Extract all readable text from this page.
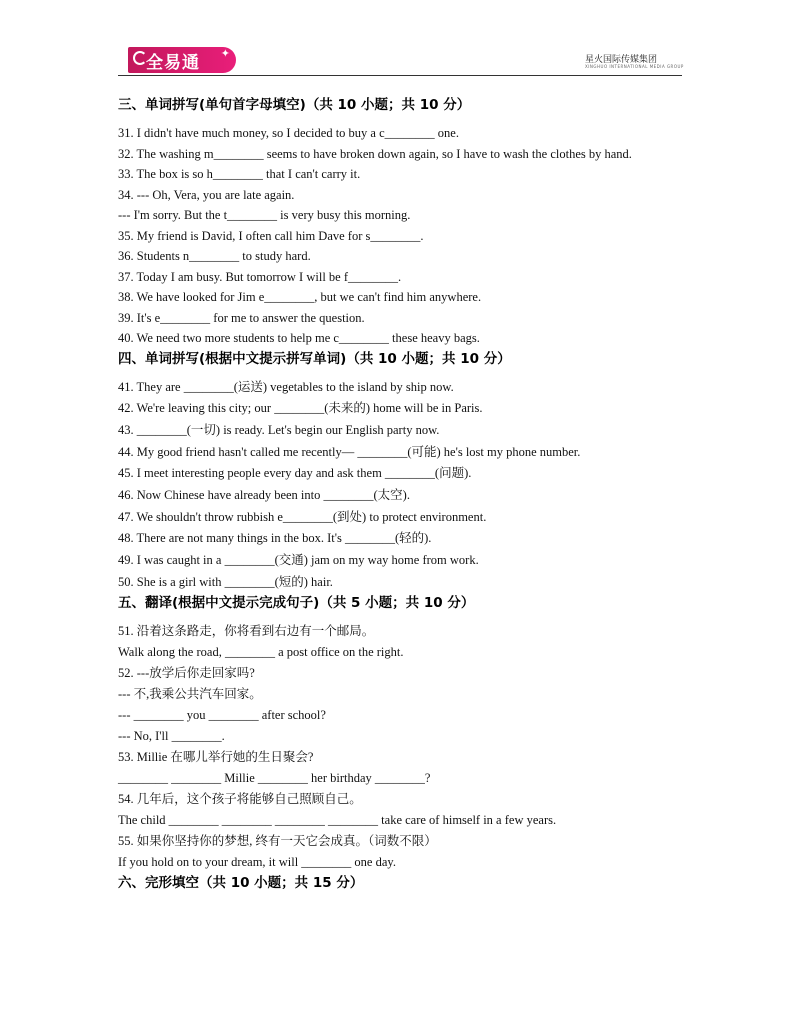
全易通 ✦	星火国际传媒集团
XINGHUO INTERNATIONAL MEDIA GROUP
三、单词拼写(单句首字母填空)（共 10 小题；共 10 分）
31. I didn't have much money, so I decided to buy a c________ one.
32. The washing m________ seems to have broken down again, so I have to wash the clothes by hand.
33. The box is so h________ that I can't carry it.
34. --- Oh, Vera, you are late again.
--- I'm sorry. But the t________ is very busy this morning.
35. My friend is David, I often call him Dave for s________.
36. Students n________ to study hard.
37. Today I am busy. But tomorrow I will be f________.
38. We have looked for Jim e________, but we can't find him anywhere.
39. It's e________ for me to answer the question.
40. We need two more students to help me c________ these heavy bags.
四、单词拼写(根据中文提示拼写单词)（共 10 小题；共 10 分）
41. They are ________(运送) vegetables to the island by ship now.
42. We're leaving this city; our ________(未来的) home will be in Paris.
43. ________(一切) is ready. Let's begin our English party now.
44. My good friend hasn't called me recently— ________(可能) he's lost my phone number.
45. I meet interesting people every day and ask them ________(问题).
46. Now Chinese have already been into ________(太空).
47. We shouldn't throw rubbish e________(到处) to protect environment.
48. There are not many things in the box. It's ________(轻的).
49. I was caught in a ________(交通) jam on my way home from work.
50. She is a girl with ________(短的) hair.
五、翻译(根据中文提示完成句子)（共 5 小题；共 10 分）
51. 沿着这条路走，你将看到右边有一个邮局。
Walk along the road, ________ a post office on the right.
52. ---放学后你走回家吗?
--- 不,我乘公共汽车回家。
--- ________ you ________ after school?
--- No, I'll ________.
53. Millie 在哪儿举行她的生日聚会?
________ ________ Millie ________ her birthday ________?
54. 几年后，这个孩子将能够自己照顾自己。
The child ________ ________ ________ ________ take care of himself in a few years.
55. 如果你坚持你的梦想, 终有一天它会成真。（词数不限）
If you hold on to your dream, it will ________ one day.
六、完形填空（共 10 小题；共 15 分）
